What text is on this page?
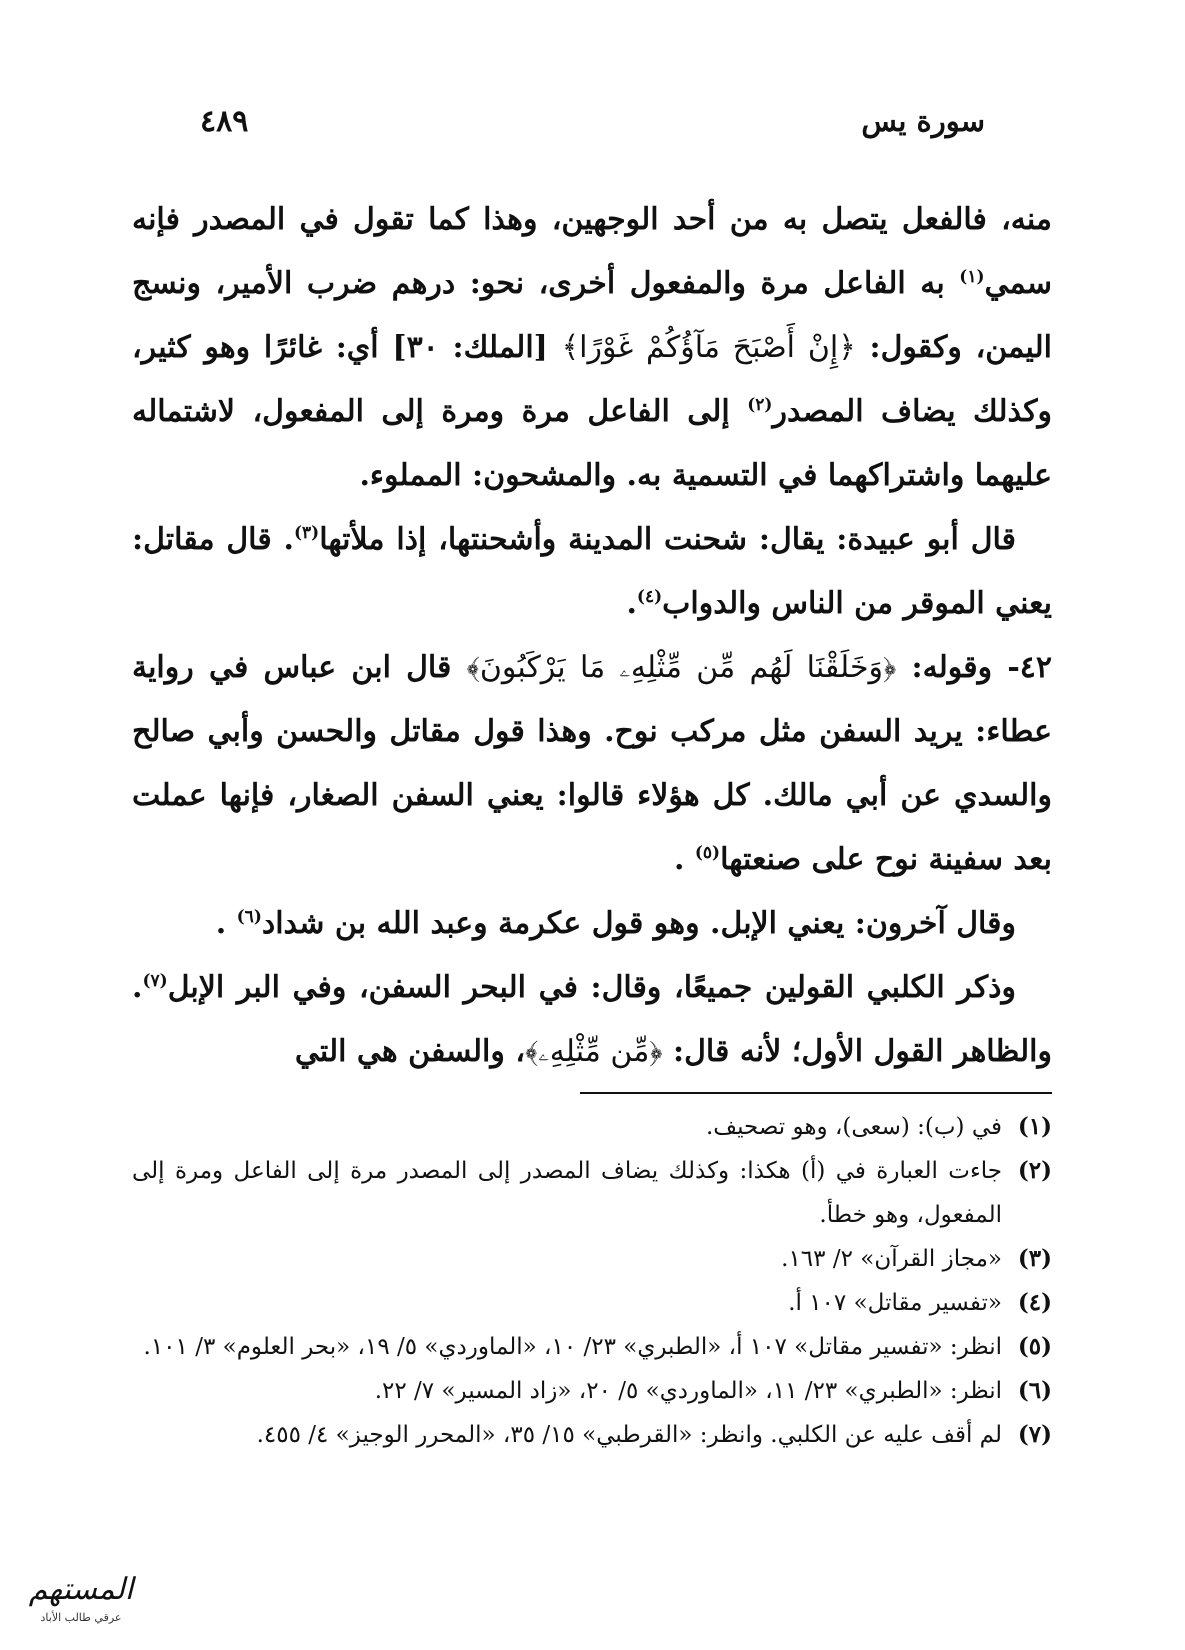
سورة يس
٤٨٩

منه، فالفعل يتصل به من أحد الوجهين، وهذا كما تقول في المصدر فإنه سمي$^{(١)}$ به الفاعل مرة والمفعول أخرى، نحو: درهم ضرب الأمير، ونسج اليمن، وكقول: ﴿إِنْ أَصْبَحَ مَآؤُكُمْ غَوْرًا﴾ [الملك: ٣٠] أي: غائرًا وهو كثير، وكذلك يضاف المصدر$^{(٢)}$ إلى الفاعل مرة ومرة إلى المفعول، لاشتماله عليهما واشتراكهما في التسمية به. والمشحون: المملوء.

قال أبو عبيدة: يقال: شحنت المدينة وأشحنتها، إذا ملأتها$^{(٣)}$. قال مقاتل: يعني الموقر من الناس والدواب$^{(٤)}$.

٤٢- وقوله: ﴿وَخَلَقْنَا لَهُم مِّن مِّثْلِهِۦ مَا يَرْكَبُونَ﴾ قال ابن عباس في رواية عطاء: يريد السفن مثل مركب نوح. وهذا قول مقاتل والحسن وأبي صالح والسدي عن أبي مالك. كل هؤلاء قالوا: يعني السفن الصغار، فإنها عملت بعد سفينة نوح على صنعتها$^{(٥)}$ .

وقال آخرون: يعني الإبل. وهو قول عكرمة وعبد الله بن شداد$^{(٦)}$ .

وذكر الكلبي القولين جميعًا، وقال: في البحر السفن، وفي البر الإبل$^{(٧)}$. والظاهر القول الأول؛ لأنه قال: ﴿مِّن مِّثْلِهِۦ﴾، والسفن هي التي

(١)
في (ب): (سعى)، وهو تصحيف.

(٢)
جاءت العبارة في (أ) هكذا: وكذلك يضاف المصدر إلى المصدر مرة إلى الفاعل ومرة إلى المفعول، وهو خطأ.

(٣)
«مجاز القرآن» ٢/ ١٦٣.

(٤)
«تفسير مقاتل» ١٠٧ أ.

(٥)
انظر: «تفسير مقاتل» ١٠٧ أ، «الطبري» ٢٣/ ١٠، «الماوردي» ٥/ ١٩، «بحر العلوم» ٣/ ١٠١.

(٦)
انظر: «الطبري» ٢٣/ ١١، «الماوردي» ٥/ ٢٠، «زاد المسير» ٧/ ٢٢.

(٧)
لم أقف عليه عن الكلبي. وانظر: «القرطبي» ١٥/ ٣٥، «المحرر الوجيز» ٤/ ٤٥٥.

المستهم
عرقي طالب الأباد
